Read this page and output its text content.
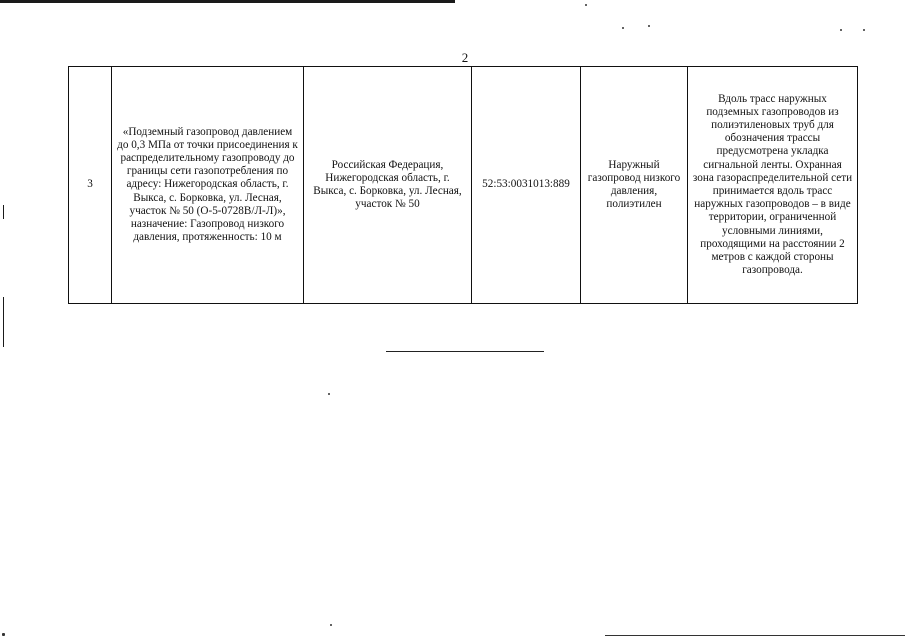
2
3	«Подземный газопровод давлением до 0,3 МПа от точки присоединения к распределительному газопроводу до границы сети газопотребления по адресу: Нижегородская область, г. Выкса, с. Борковка, ул. Лесная, участок № 50 (О-5-0728В/Л-Л)», назначение: Газопровод низкого давления, протяженность: 10 м	Российская Федерация, Нижегородская область, г. Выкса, с. Борковка, ул. Лесная, участок № 50	52:53:0031013:889	Наружный газопровод низкого давления, полиэтилен	Вдоль трасс наружных подземных газопроводов из полиэтиленовых труб для обозначения трассы предусмотрена укладка сигнальной ленты. Охранная зона газораспределительной сети принимается вдоль трасс наружных газопроводов – в виде территории, ограниченной условными линиями, проходящими на расстоянии 2 метров с каждой стороны газопровода.
